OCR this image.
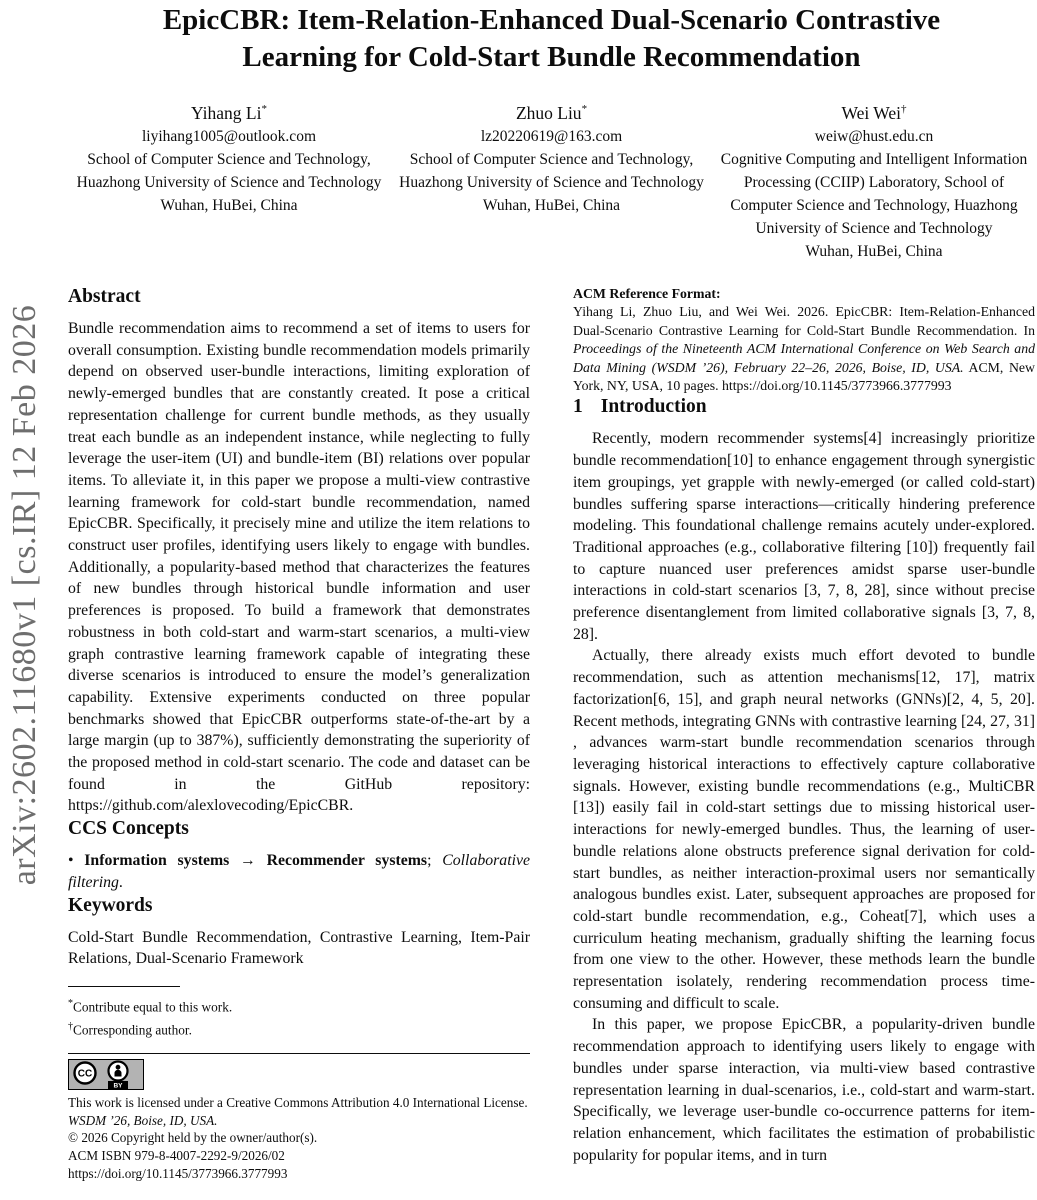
arXiv:2602.11680v1 [cs.IR] 12 Feb 2026
EpicCBR: Item-Relation-Enhanced Dual-Scenario Contrastive
Learning for Cold-Start Bundle Recommendation
Yihang Li*
liyihang1005@outlook.com
School of Computer Science and Technology, Huazhong University of Science and Technology
Wuhan, HuBei, China
Zhuo Liu*
lz20220619@163.com
School of Computer Science and Technology, Huazhong University of Science and Technology
Wuhan, HuBei, China
Wei Wei†
weiw@hust.edu.cn
Cognitive Computing and Intelligent Information Processing (CCIIP) Laboratory, School of Computer Science and Technology, Huazhong University of Science and Technology
Wuhan, HuBei, China
Abstract

Bundle recommendation aims to recommend a set of items to users for overall consumption. Existing bundle recommendation models primarily depend on observed user-bundle interactions, limiting exploration of newly-emerged bundles that are constantly created. It pose a critical representation challenge for current bundle methods, as they usually treat each bundle as an independent instance, while neglecting to fully leverage the user-item (UI) and bundle-item (BI) relations over popular items. To alleviate it, in this paper we propose a multi-view contrastive learning framework for cold-start bundle recommendation, named EpicCBR. Specifically, it precisely mine and utilize the item relations to construct user profiles, identifying users likely to engage with bundles. Additionally, a popularity-based method that characterizes the features of new bundles through historical bundle information and user preferences is proposed. To build a framework that demonstrates robustness in both cold-start and warm-start scenarios, a multi-view graph contrastive learning framework capable of integrating these diverse scenarios is introduced to ensure the model’s generalization capability. Extensive experiments conducted on three popular benchmarks showed that EpicCBR outperforms state-of-the-art by a large margin (up to 387%), sufficiently demonstrating the superiority of the proposed method in cold-start scenario. The code and dataset can be found in the GitHub repository: https://github.com/alexlovecoding/EpicCBR.

CCS Concepts

• Information systems → Recommender systems; Collaborative filtering.

Keywords

Cold-Start Bundle Recommendation, Contrastive Learning, Item-Pair Relations, Dual-Scenario Framework

*Contribute equal to this work.
†Corresponding author.
CC
BY
This work is licensed under a Creative Commons Attribution 4.0 International License.
WSDM ’26, Boise, ID, USA.
© 2026 Copyright held by the owner/author(s).
ACM ISBN 979-8-4007-2292-9/2026/02
https://doi.org/10.1145/3773966.3777993

ACM Reference Format:
Yihang Li, Zhuo Liu, and Wei Wei. 2026. EpicCBR: Item-Relation-Enhanced Dual-Scenario Contrastive Learning for Cold-Start Bundle Recommendation. In Proceedings of the Nineteenth ACM International Conference on Web Search and Data Mining (WSDM ’26), February 22–26, 2026, Boise, ID, USA. ACM, New York, NY, USA, 10 pages. https://doi.org/10.1145/3773966.3777993

1 Introduction

Recently, modern recommender systems[4] increasingly prioritize bundle recommendation[10] to enhance engagement through synergistic item groupings, yet grapple with newly-emerged (or called cold-start) bundles suffering sparse interactions—critically hindering preference modeling. This foundational challenge remains acutely under-explored. Traditional approaches (e.g., collaborative filtering [10]) frequently fail to capture nuanced user preferences amidst sparse user-bundle interactions in cold-start scenarios [3, 7, 8, 28], since without precise preference disentanglement from limited collaborative signals [3, 7, 8, 28].

Actually, there already exists much effort devoted to bundle recommendation, such as attention mechanisms[12, 17], matrix factorization[6, 15], and graph neural networks (GNNs)[2, 4, 5, 20]. Recent methods, integrating GNNs with contrastive learning [24, 27, 31] , advances warm-start bundle recommendation scenarios through leveraging historical interactions to effectively capture collaborative signals. However, existing bundle recommendations (e.g., MultiCBR [13]) easily fail in cold-start settings due to missing historical user-interactions for newly-emerged bundles. Thus, the learning of user-bundle relations alone obstructs preference signal derivation for cold-start bundles, as neither interaction-proximal users nor semantically analogous bundles exist. Later, subsequent approaches are proposed for cold-start bundle recommendation, e.g., Coheat[7], which uses a curriculum heating mechanism, gradually shifting the learning focus from one view to the other. However, these methods learn the bundle representation isolately, rendering recommendation process time-consuming and difficult to scale.

In this paper, we propose EpicCBR, a popularity-driven bundle recommendation approach to identifying users likely to engage with bundles under sparse interaction, via multi-view based contrastive representation learning in dual-scenarios, i.e., cold-start and warm-start. Specifically, we leverage user-bundle co-occurrence patterns for item-relation enhancement, which facilitates the estimation of probabilistic popularity for popular items, and in turn
